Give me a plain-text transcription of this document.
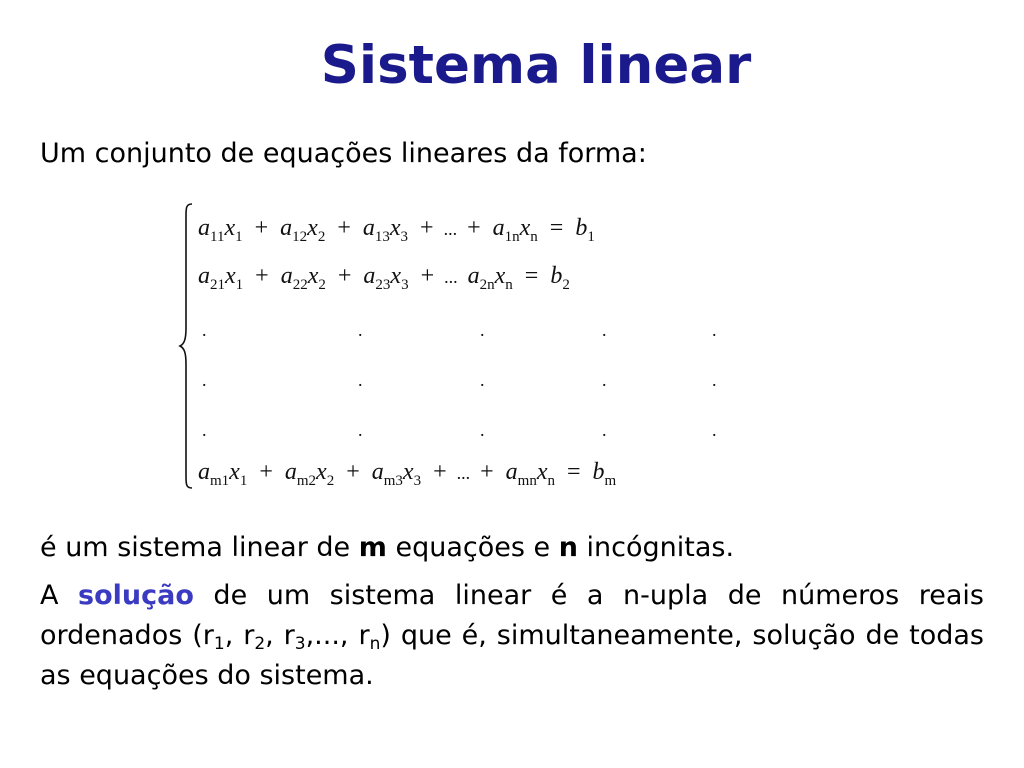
Sistema linear

Um conjunto de equações lineares da forma:

$a_{11}x_1 + a_{12}x_2 + a_{13}x_3$ + ... + $a_{1n}x_n = b_1$
$a_{21}x_1 + a_{22}x_2 + a_{23}x_3$ + ... $a_{2n}x_n = b_2$
.	.	.	.	.
.	.	.	.	.
.	.	.	.	.
$a_{m1}x_1 + a_{m2}x_2 + a_{m3}x_3$ + ... + $a_{mn}x_n = b_m$

é um sistema linear de m equações e n incógnitas.

A solução de um sistema linear é a n-upla de números reais ordenados ($r_1$, $r_2$, $r_3$,..., $r_n$) que é, simultaneamente, solução de todas as equações do sistema.
